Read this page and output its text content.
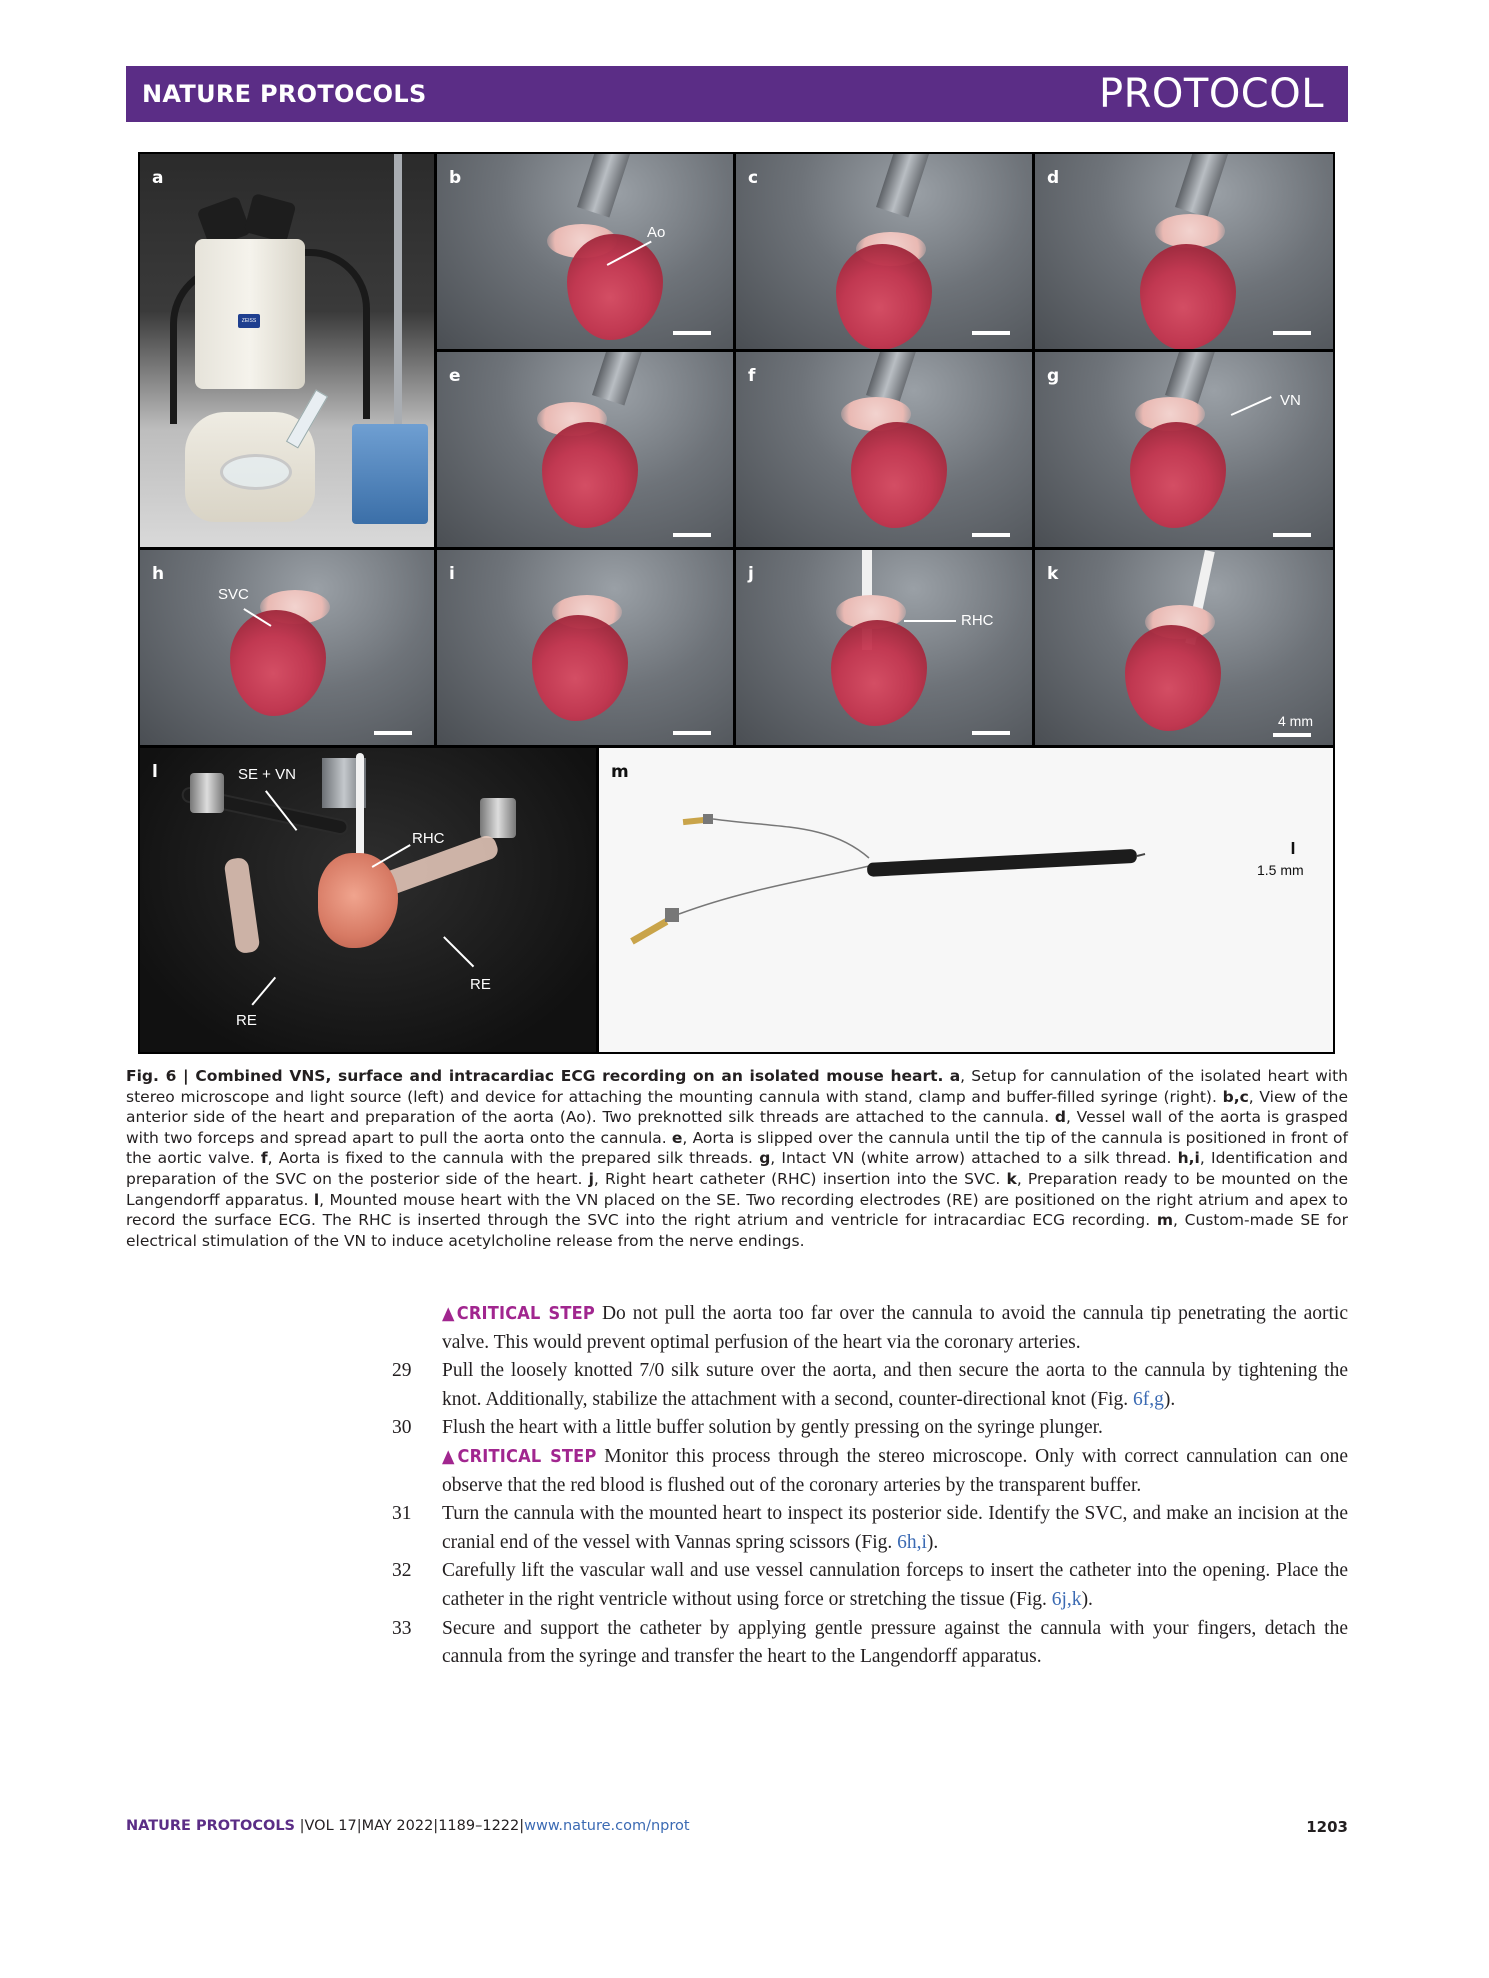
NATURE PROTOCOLS	PROTOCOL
a
ZEISS
b
Ao
c	d
e	f	g
VN
h
SVC
i	j
RHC
k
4 mm
l	SE + VN
RHC
RE
RE
m
1.5 mm
Fig. 6 | Combined VNS, surface and intracardiac ECG recording on an isolated mouse heart. a, Setup for cannulation of the isolated heart with stereo microscope and light source (left) and device for attaching the mounting cannula with stand, clamp and buffer-filled syringe (right). b,c, View of the anterior side of the heart and preparation of the aorta (Ao). Two preknotted silk threads are attached to the cannula. d, Vessel wall of the aorta is grasped with two forceps and spread apart to pull the aorta onto the cannula. e, Aorta is slipped over the cannula until the tip of the cannula is positioned in front of the aortic valve. f, Aorta is fixed to the cannula with the prepared silk threads. g, Intact VN (white arrow) attached to a silk thread. h,i, Identification and preparation of the SVC on the posterior side of the heart. j, Right heart catheter (RHC) insertion into the SVC. k, Preparation ready to be mounted on the Langendorff apparatus. l, Mounted mouse heart with the VN placed on the SE. Two recording electrodes (RE) are positioned on the right atrium and apex to record the surface ECG. The RHC is inserted through the SVC into the right atrium and ventricle for intracardiac ECG recording. m, Custom-made SE for electrical stimulation of the VN to induce acetylcholine release from the nerve endings.
▲CRITICAL STEP Do not pull the aorta too far over the cannula to avoid the cannula tip penetrating the aortic valve. This would prevent optimal perfusion of the heart via the coronary arteries.
29 Pull the loosely knotted 7/0 silk suture over the aorta, and then secure the aorta to the cannula by tightening the knot. Additionally, stabilize the attachment with a second, counter-directional knot (Fig. 6f,g).
30 Flush the heart with a little buffer solution by gently pressing on the syringe plunger.
▲CRITICAL STEP Monitor this process through the stereo microscope. Only with correct cannulation can one observe that the red blood is flushed out of the coronary arteries by the transparent buffer.
31 Turn the cannula with the mounted heart to inspect its posterior side. Identify the SVC, and make an incision at the cranial end of the vessel with Vannas spring scissors (Fig. 6h,i).
32 Carefully lift the vascular wall and use vessel cannulation forceps to insert the catheter into the opening. Place the catheter in the right ventricle without using force or stretching the tissue (Fig. 6j,k).
33 Secure and support the catheter by applying gentle pressure against the cannula with your fingers, detach the cannula from the syringe and transfer the heart to the Langendorff apparatus.
NATURE PROTOCOLS |VOL 17|MAY 2022|1189–1222|www.nature.com/nprot	1203
